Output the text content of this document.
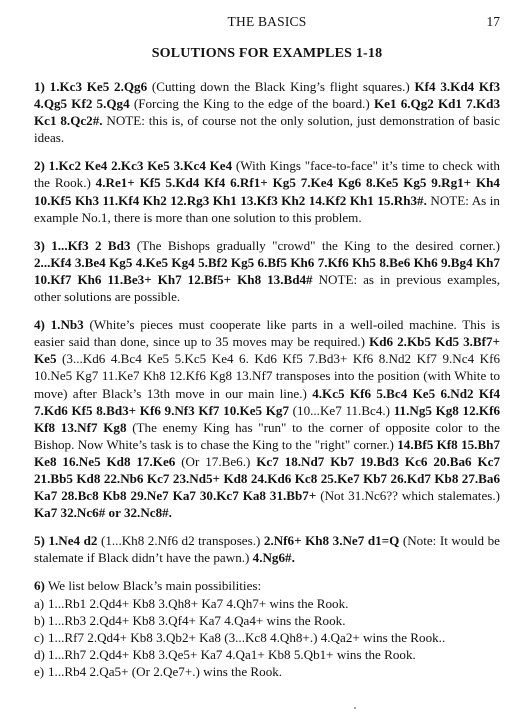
THE BASICS	17
SOLUTIONS FOR EXAMPLES 1-18
1) 1.Kc3 Ke5 2.Qg6 (Cutting down the Black King’s flight squares.) Kf4 3.Kd4 Kf3 4.Qg5 Kf2 5.Qg4 (Forcing the King to the edge of the board.) Ke1 6.Qg2 Kd1 7.Kd3 Kc1 8.Qc2#. NOTE: this is, of course not the only solution, just demonstration of basic ideas.
2) 1.Kc2 Ke4 2.Kc3 Ke5 3.Kc4 Ke4 (With Kings "face-to-face" it’s time to check with the Rook.) 4.Re1+ Kf5 5.Kd4 Kf4 6.Rf1+ Kg5 7.Ke4 Kg6 8.Ke5 Kg5 9.Rg1+ Kh4 10.Kf5 Kh3 11.Kf4 Kh2 12.Rg3 Kh1 13.Kf3 Kh2 14.Kf2 Kh1 15.Rh3#. NOTE: As in example No.1, there is more than one solution to this problem.
3) 1...Kf3 2 Bd3 (The Bishops gradually "crowd" the King to the desired corner.) 2...Kf4 3.Be4 Kg5 4.Ke5 Kg4 5.Bf2 Kg5 6.Bf5 Kh6 7.Kf6 Kh5 8.Be6 Kh6 9.Bg4 Kh7 10.Kf7 Kh6 11.Be3+ Kh7 12.Bf5+ Kh8 13.Bd4# NOTE: as in previous examples, other solutions are possible.
4) 1.Nb3 (White’s pieces must cooperate like parts in a well-oiled machine. This is easier said than done, since up to 35 moves may be required.) Kd6 2.Kb5 Kd5 3.Bf7+ Ke5 (3...Kd6 4.Bc4 Ke5 5.Kc5 Ke4 6. Kd6 Kf5 7.Bd3+ Kf6 8.Nd2 Kf7 9.Nc4 Kf6 10.Ne5 Kg7 11.Ke7 Kh8 12.Kf6 Kg8 13.Nf7 transposes into the position (with White to move) after Black’s 13th move in our main line.) 4.Kc5 Kf6 5.Bc4 Ke5 6.Nd2 Kf4 7.Kd6 Kf5 8.Bd3+ Kf6 9.Nf3 Kf7 10.Ke5 Kg7 (10...Ke7 11.Bc4.) 11.Ng5 Kg8 12.Kf6 Kf8 13.Nf7 Kg8 (The enemy King has "run" to the corner of opposite color to the Bishop. Now White’s task is to chase the King to the "right" corner.) 14.Bf5 Kf8 15.Bh7 Ke8 16.Ne5 Kd8 17.Ke6 (Or 17.Be6.) Kc7 18.Nd7 Kb7 19.Bd3 Kc6 20.Ba6 Kc7 21.Bb5 Kd8 22.Nb6 Kc7 23.Nd5+ Kd8 24.Kd6 Kc8 25.Ke7 Kb7 26.Kd7 Kb8 27.Ba6 Ka7 28.Bc8 Kb8 29.Ne7 Ka7 30.Kc7 Ka8 31.Bb7+ (Not 31.Nc6?? which stalemates.) Ka7 32.Nc6# or 32.Nc8#.
5) 1.Ne4 d2 (1...Kh8 2.Nf6 d2 transposes.) 2.Nf6+ Kh8 3.Ne7 d1=Q (Note: It would be stalemate if Black didn’t have the pawn.) 4.Ng6#.
6) We list below Black’s main possibilities:
a) 1...Rb1 2.Qd4+ Kb8 3.Qh8+ Ka7 4.Qh7+ wins the Rook.
b) 1...Rb3 2.Qd4+ Kb8 3.Qf4+ Ka7 4.Qa4+ wins the Rook.
c) 1...Rf7 2.Qd4+ Kb8 3.Qb2+ Ka8 (3...Kc8 4.Qh8+.) 4.Qa2+ wins the Rook..
d) 1...Rh7 2.Qd4+ Kb8 3.Qe5+ Ka7 4.Qa1+ Kb8 5.Qb1+ wins the Rook.
e) 1...Rb4 2.Qa5+ (Or 2.Qe7+.) wins the Rook.
